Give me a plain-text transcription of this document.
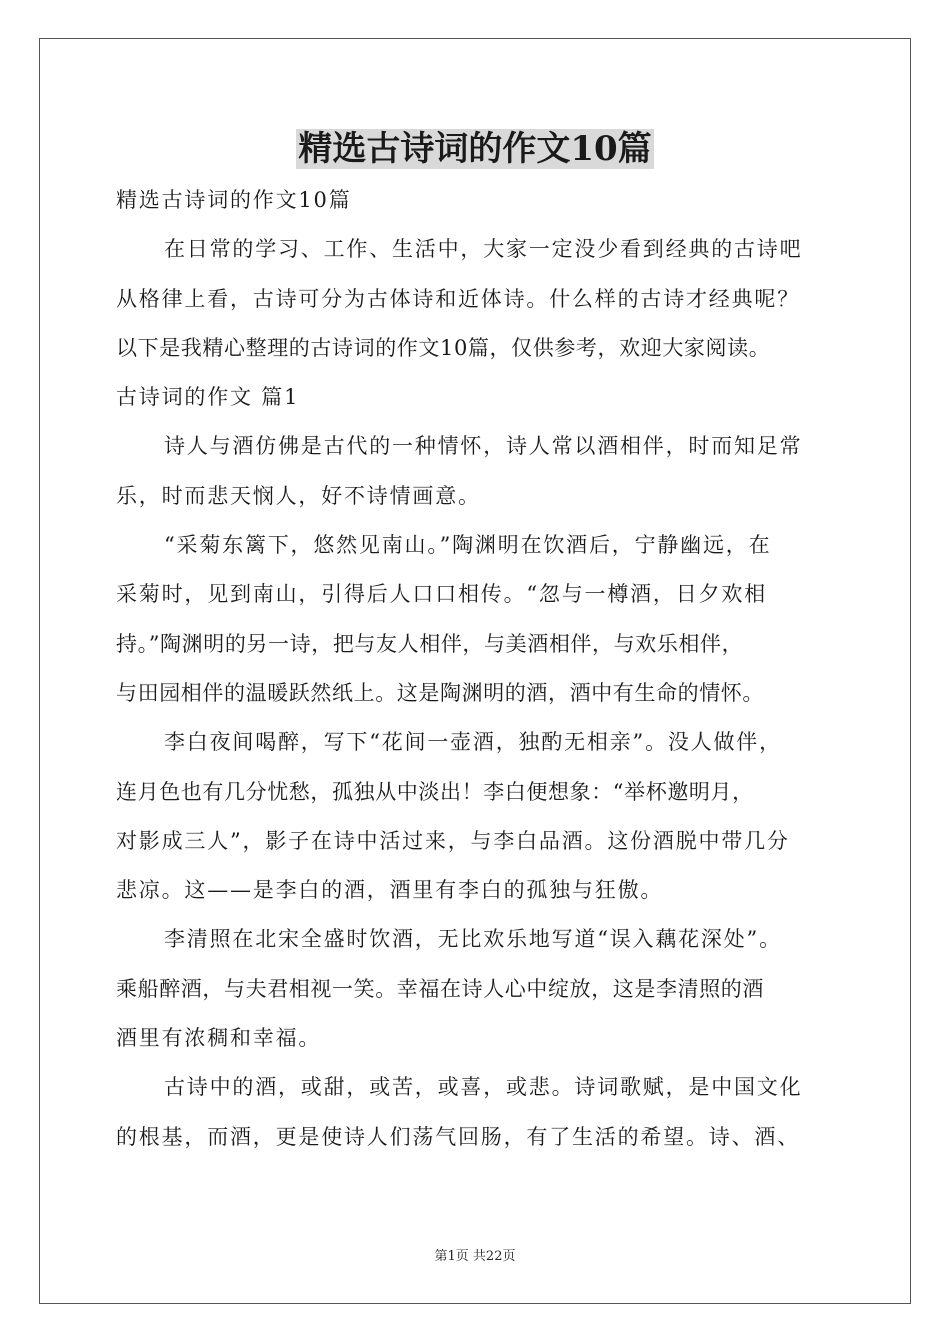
精选古诗词的作文10篇
精选古诗词的作文10篇
在日常的学习、工作、生活中，大家一定没少看到经典的古诗吧
从格律上看，古诗可分为古体诗和近体诗。什么样的古诗才经典呢？
以下是我精心整理的古诗词的作文10篇，仅供参考，欢迎大家阅读。
古诗词的作文 篇1
诗人与酒仿佛是古代的一种情怀，诗人常以酒相伴，时而知足常
乐，时而悲天悯人，好不诗情画意。
“采菊东篱下，悠然见南山。”陶渊明在饮酒后，宁静幽远，在
采菊时，见到南山，引得后人口口相传。“忽与一樽酒，日夕欢相
持。”陶渊明的另一诗，把与友人相伴，与美酒相伴，与欢乐相伴，
与田园相伴的温暖跃然纸上。这是陶渊明的酒，酒中有生命的情怀。
李白夜间喝醉，写下“花间一壶酒，独酌无相亲”。没人做伴，
连月色也有几分忧愁，孤独从中淡出！李白便想象：“举杯邀明月，
对影成三人”，影子在诗中活过来，与李白品酒。这份酒脱中带几分
悲凉。这——是李白的酒，酒里有李白的孤独与狂傲。
李清照在北宋全盛时饮酒，无比欢乐地写道“误入藕花深处”。
乘船醉酒，与夫君相视一笑。幸福在诗人心中绽放，这是李清照的酒
酒里有浓稠和幸福。
古诗中的酒，或甜，或苦，或喜，或悲。诗词歌赋，是中国文化
的根基，而酒，更是使诗人们荡气回肠，有了生活的希望。诗、酒、
第1页 共22页
